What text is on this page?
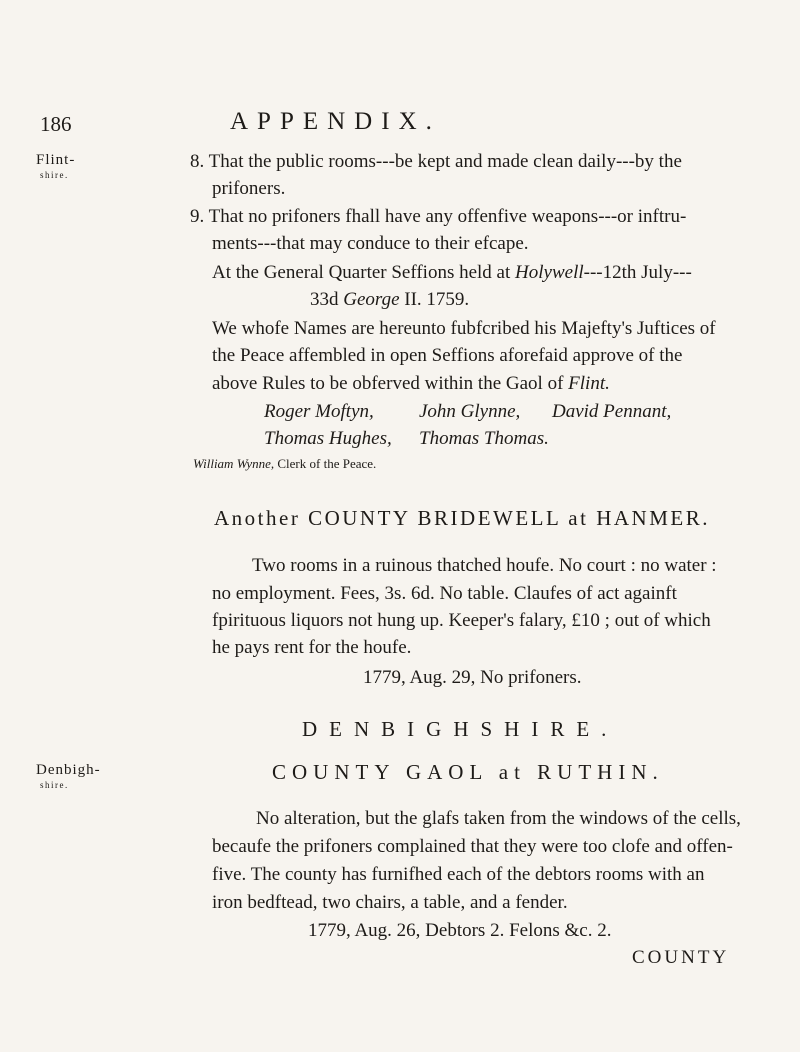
186	APPENDIX.
Flint-
shire.
8. That the public rooms---be kept and made clean daily---by the
prifoners.
9. That no prifoners fhall have any offenfive weapons---or inftru-
ments---that may conduce to their efcape.
At the General Quarter Seffions held at Holywell---12th July---
33d George II. 1759.
We whofe Names are hereunto fubfcribed his Majefty's Juftices of
the Peace affembled in open Seffions aforefaid approve of the
above Rules to be obferved within the Gaol of Flint.
Roger Moftyn, John Glynne, David Pennant,
Thomas Hughes, Thomas Thomas.
William Wynne, Clerk of the Peace.
Another COUNTY BRIDEWELL at HANMER.
Two rooms in a ruinous thatched houfe. No court : no water :
no employment. Fees, 3s. 6d. No table. Claufes of act againft
fpirituous liquors not hung up. Keeper's falary, £10 ; out of which
he pays rent for the houfe.
1779, Aug. 29, No prifoners.
DENBIGHSHIRE.
Denbigh-
shire.
COUNTY GAOL at RUTHIN.
No alteration, but the glafs taken from the windows of the cells,
becaufe the prifoners complained that they were too clofe and offen-
five. The county has furnifhed each of the debtors rooms with an
iron bedftead, two chairs, a table, and a fender.
1779, Aug. 26, Debtors 2. Felons &c. 2.
COUNTY
